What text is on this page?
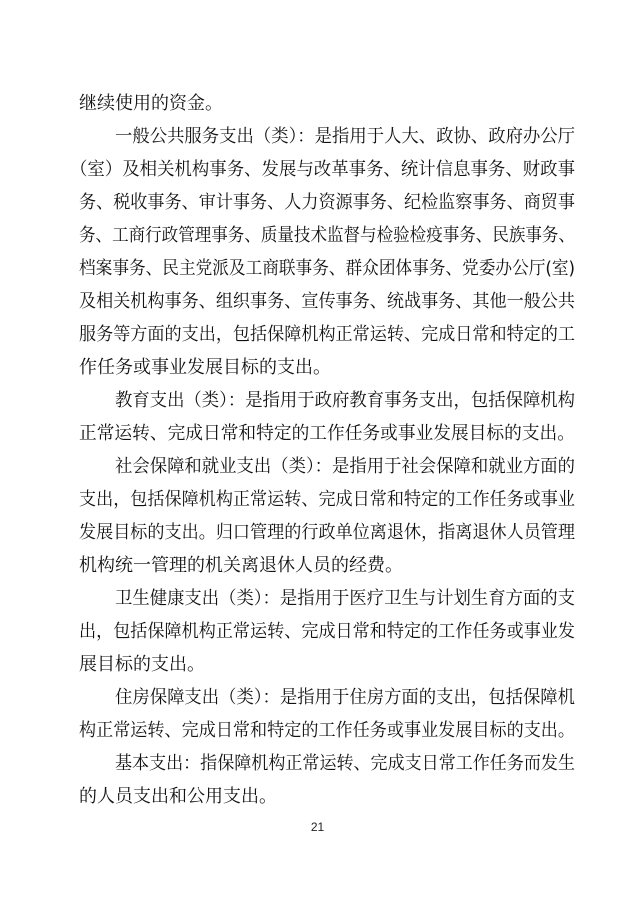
继续使用的资金。
一般公共服务支出（类）：是指用于人大、政协、政府办公厅
（室）及相关机构事务、发展与改革事务、统计信息事务、财政事
务、税收事务、审计事务、人力资源事务、纪检监察事务、商贸事
务、工商行政管理事务、质量技术监督与检验检疫事务、民族事务、
档案事务、民主党派及工商联事务、群众团体事务、党委办公厅(室)
及相关机构事务、组织事务、宣传事务、统战事务、其他一般公共
服务等方面的支出，包括保障机构正常运转、完成日常和特定的工
作任务或事业发展目标的支出。
教育支出（类）：是指用于政府教育事务支出，包括保障机构
正常运转、完成日常和特定的工作任务或事业发展目标的支出。
社会保障和就业支出（类）：是指用于社会保障和就业方面的
支出，包括保障机构正常运转、完成日常和特定的工作任务或事业
发展目标的支出。归口管理的行政单位离退休，指离退休人员管理
机构统一管理的机关离退休人员的经费。
卫生健康支出（类）：是指用于医疗卫生与计划生育方面的支
出，包括保障机构正常运转、完成日常和特定的工作任务或事业发
展目标的支出。
住房保障支出（类）：是指用于住房方面的支出，包括保障机
构正常运转、完成日常和特定的工作任务或事业发展目标的支出。
基本支出：指保障机构正常运转、完成支日常工作任务而发生
的人员支出和公用支出。
21
